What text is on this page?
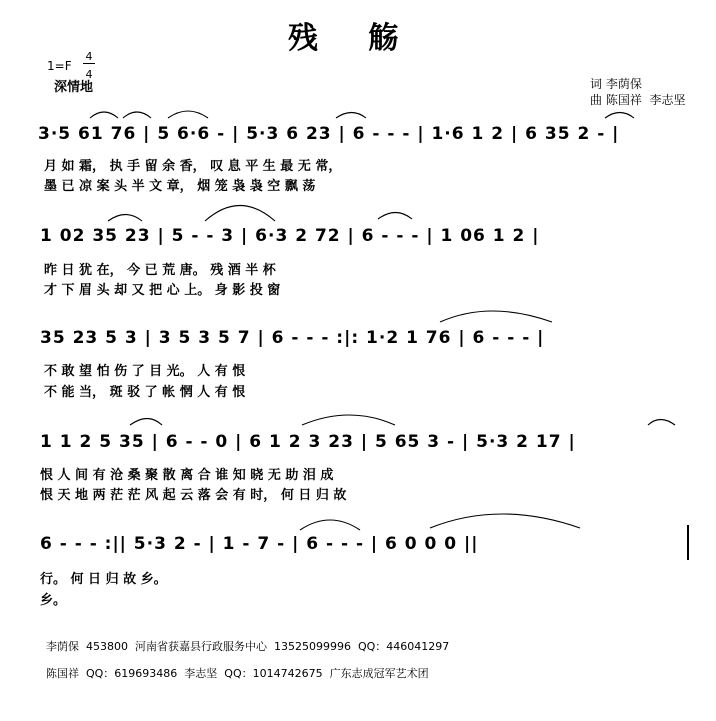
残 觞
1=F
4
4
深情地	词 李荫保
曲 陈国祥  李志坚
3·5 61 76 | 5 6·6 - | 5·3 6 23 | 6 - - - | 1·6 1 2 | 6 35 2 - |
月 如 霜， 执 手 留 余 香， 叹 息 平 生 最 无 常，
墨 已 凉 案 头 半 文 章， 烟 笼 袅 袅 空 飘 荡
1 02 35 23 | 5 - - 3 | 6·3 2 72 | 6 - - - | 1 06 1 2 |
昨 日 犹 在， 今 已 荒 唐。 残 酒 半 杯
才 下 眉 头 却 又 把 心 上。 身 影 投 窗
35 23 5 3 | 3 5 3 5 7 | 6 - - - :|: 1·2 1 76 | 6 - - - |
不 敢 望 怕 伤 了 目 光。 人 有 恨
不 能 当， 斑 驳 了 帐 惘 人 有 恨
1 1 2 5 35 | 6 - - 0 | 6 1 2 3 23 | 5 65 3 - | 5·3 2 17 |
恨 人 间 有 沧 桑 聚 散 离 合 谁 知 晓 无 助 泪 成
恨 天 地 两 茫 茫 风 起 云 落 会 有 时， 何 日 归 故
6 - - - :|| 5·3 2 - | 1 - 7 - | 6 - - - | 6 0 0 0 ||
行。 何 日 归 故 乡。
乡。
李荫保  453800  河南省获嘉县行政服务中心  13525099996  QQ：446041297
陈国祥  QQ：619693486  李志坚  QQ：1014742675  广东志成冠军艺术团
